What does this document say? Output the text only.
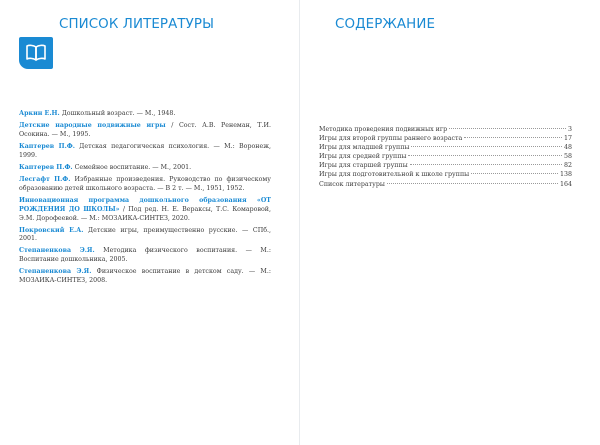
СПИСОК ЛИТЕРАТУРЫ

Аркин Е.Н. Дошкольный возраст. — М., 1948.

Детские народные подвижные игры / Сост. А.В. Ренеман, Т.И. Осокина. — М., 1995.

Каптерев П.Ф. Детская педагогическая психология. — М.: Воронеж, 1999.

Каптерев П.Ф. Семейное воспитание. — М., 2001.

Лесгафт П.Ф. Избранные произведения. Руководство по физическому образованию детей школьного возраста. — В 2 т. — М., 1951, 1952.

Инновационная программа дошкольного образования «ОТ РОЖДЕНИЯ ДО ШКОЛЫ» / Под ред. Н. Е. Вераксы, Т.С. Комаровой, Э.М. Дорофеевой. — М.: МОЗАИКА-СИНТЕЗ, 2020.

Покровский Е.А. Детские игры, преимущественно русские. — СПб., 2001.

Степаненкова Э.Я. Методика физического воспитания. — М.: Воспитание дошкольника, 2005.

Степаненкова Э.Я. Физическое воспитание в детском саду. — М.: МОЗАИКА-СИНТЕЗ, 2008.

СОДЕРЖАНИЕ
Методика проведения подвижных игр	3
Игры для второй группы раннего возраста	17
Игры для младшей группы	48
Игры для средней группы	58
Игры для старшей группы	82
Игры для подготовительной к школе группы	138
Список литературы	164
